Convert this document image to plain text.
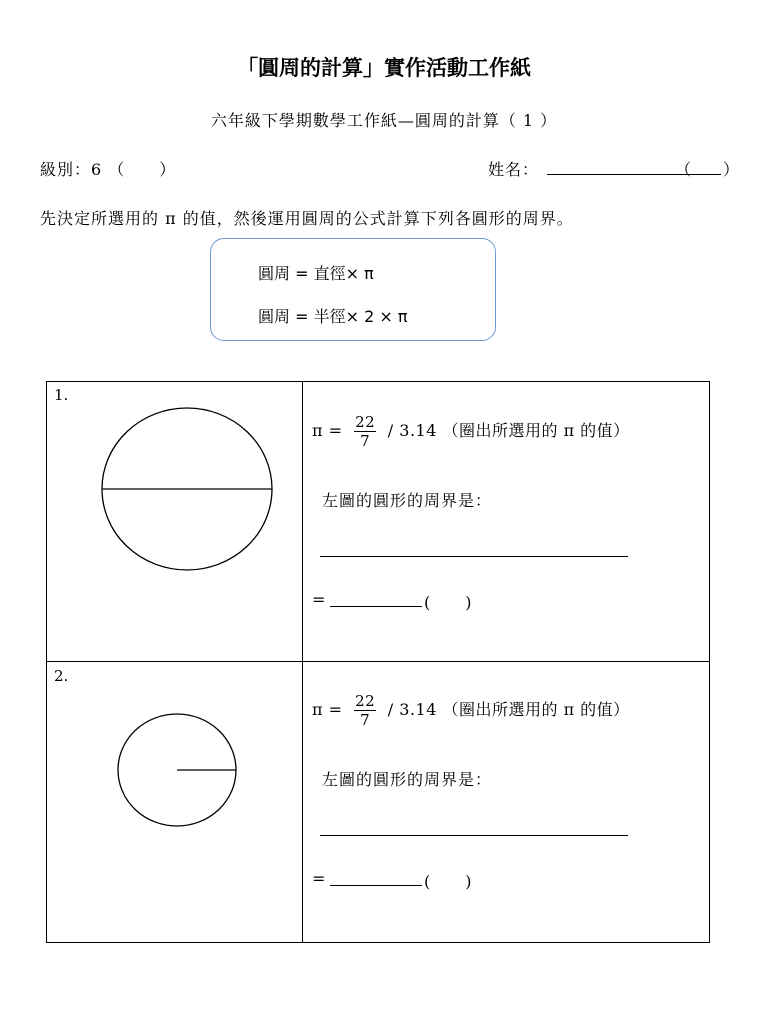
「圓周的計算」實作活動工作紙
六年級下學期數學工作紙—圓周的計算（ 1 ）
級別：6 （　　）	姓名：	（　　）
先決定所選用的 π 的值，然後運用圓周的公式計算下列各圓形的周界。
圓周 = 直徑× π
圓周 = 半徑× 2 × π
1.
$\pi = \frac{22}{7} / 3.14$ （圈出所選用的 π 的值）
左圖的圓形的周界是：
=	(　　)
2.
$\pi = \frac{22}{7} / 3.14$ （圈出所選用的 π 的值）
左圖的圓形的周界是：
=	(　　)
